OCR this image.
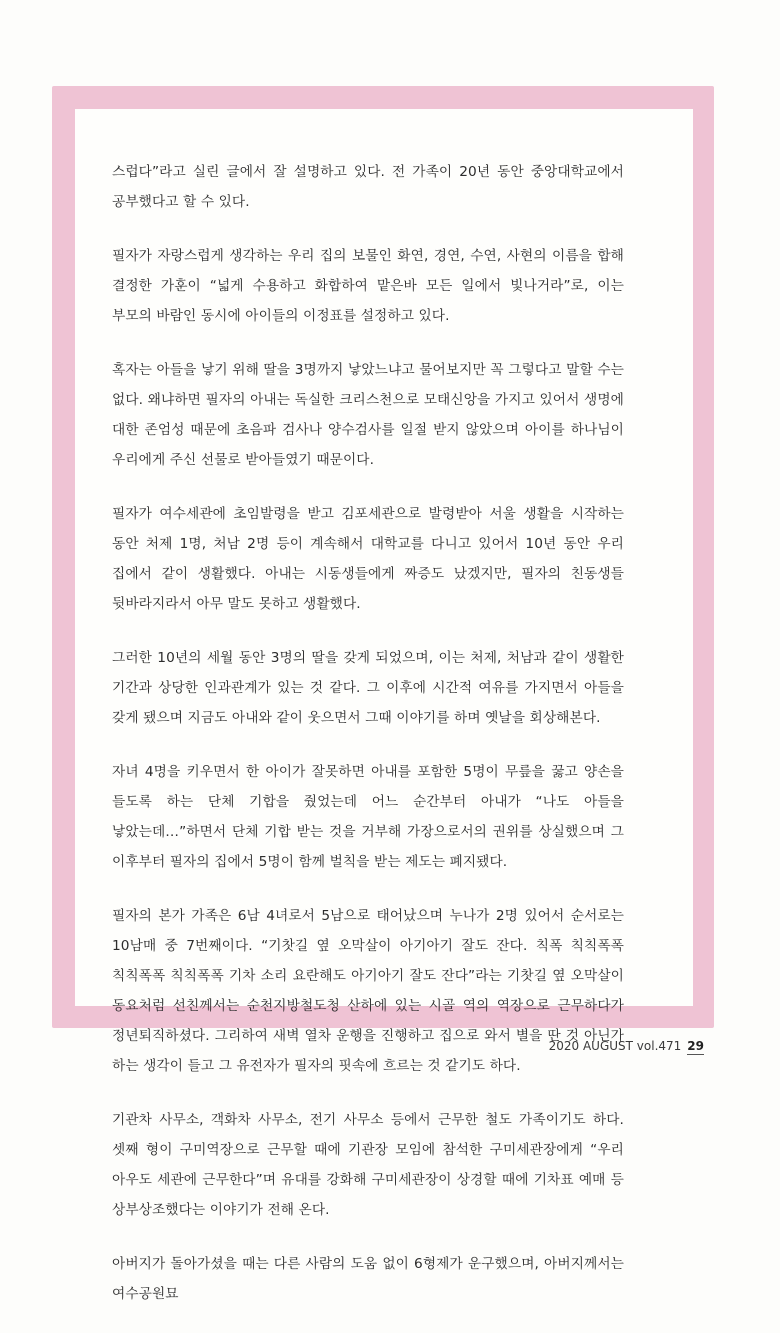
스럽다”라고 실린 글에서 잘 설명하고 있다. 전 가족이 20년 동안 중앙대학교에서 공부했다고 할 수 있다.

필자가 자랑스럽게 생각하는 우리 집의 보물인 화연, 경연, 수연, 사현의 이름을 합해 결정한 가훈이 “넓게 수용하고 화합하여 맡은바 모든 일에서 빛나거라”로, 이는 부모의 바람인 동시에 아이들의 이정표를 설정하고 있다.

혹자는 아들을 낳기 위해 딸을 3명까지 낳았느냐고 물어보지만 꼭 그렇다고 말할 수는 없다. 왜냐하면 필자의 아내는 독실한 크리스천으로 모태신앙을 가지고 있어서 생명에 대한 존엄성 때문에 초음파 검사나 양수검사를 일절 받지 않았으며 아이를 하나님이 우리에게 주신 선물로 받아들였기 때문이다.

필자가 여수세관에 초임발령을 받고 김포세관으로 발령받아 서울 생활을 시작하는 동안 처제 1명, 처남 2명 등이 계속해서 대학교를 다니고 있어서 10년 동안 우리 집에서 같이 생활했다. 아내는 시동생들에게 짜증도 났겠지만, 필자의 친동생들 뒷바라지라서 아무 말도 못하고 생활했다.

그러한 10년의 세월 동안 3명의 딸을 갖게 되었으며, 이는 처제, 처남과 같이 생활한 기간과 상당한 인과관계가 있는 것 같다. 그 이후에 시간적 여유를 가지면서 아들을 갖게 됐으며 지금도 아내와 같이 웃으면서 그때 이야기를 하며 옛날을 회상해본다.

자녀 4명을 키우면서 한 아이가 잘못하면 아내를 포함한 5명이 무릎을 꿇고 양손을 들도록 하는 단체 기합을 줬었는데 어느 순간부터 아내가 “나도 아들을 낳았는데…”하면서 단체 기합 받는 것을 거부해 가장으로서의 권위를 상실했으며 그 이후부터 필자의 집에서 5명이 함께 벌칙을 받는 제도는 폐지됐다.

필자의 본가 가족은 6남 4녀로서 5남으로 태어났으며 누나가 2명 있어서 순서로는 10남매 중 7번째이다. “기찻길 옆 오막살이 아기아기 잘도 잔다. 칙폭 칙칙폭폭 칙칙폭폭 칙칙폭폭 기차 소리 요란해도 아기아기 잘도 잔다”라는 기찻길 옆 오막살이 동요처럼 선친께서는 순천지방철도청 산하에 있는 시골 역의 역장으로 근무하다가 정년퇴직하셨다. 그리하여 새벽 열차 운행을 진행하고 집으로 와서 별을 딴 것 아닌가 하는 생각이 들고 그 유전자가 필자의 핏속에 흐르는 것 같기도 하다.

기관차 사무소, 객화차 사무소, 전기 사무소 등에서 근무한 철도 가족이기도 하다. 셋째 형이 구미역장으로 근무할 때에 기관장 모임에 참석한 구미세관장에게 “우리 아우도 세관에 근무한다”며 유대를 강화해 구미세관장이 상경할 때에 기차표 예매 등 상부상조했다는 이야기가 전해 온다.

아버지가 돌아가셨을 때는 다른 사람의 도움 없이 6형제가 운구했으며, 아버지께서는 여수공원묘

2020 AUGUST vol.471 29
